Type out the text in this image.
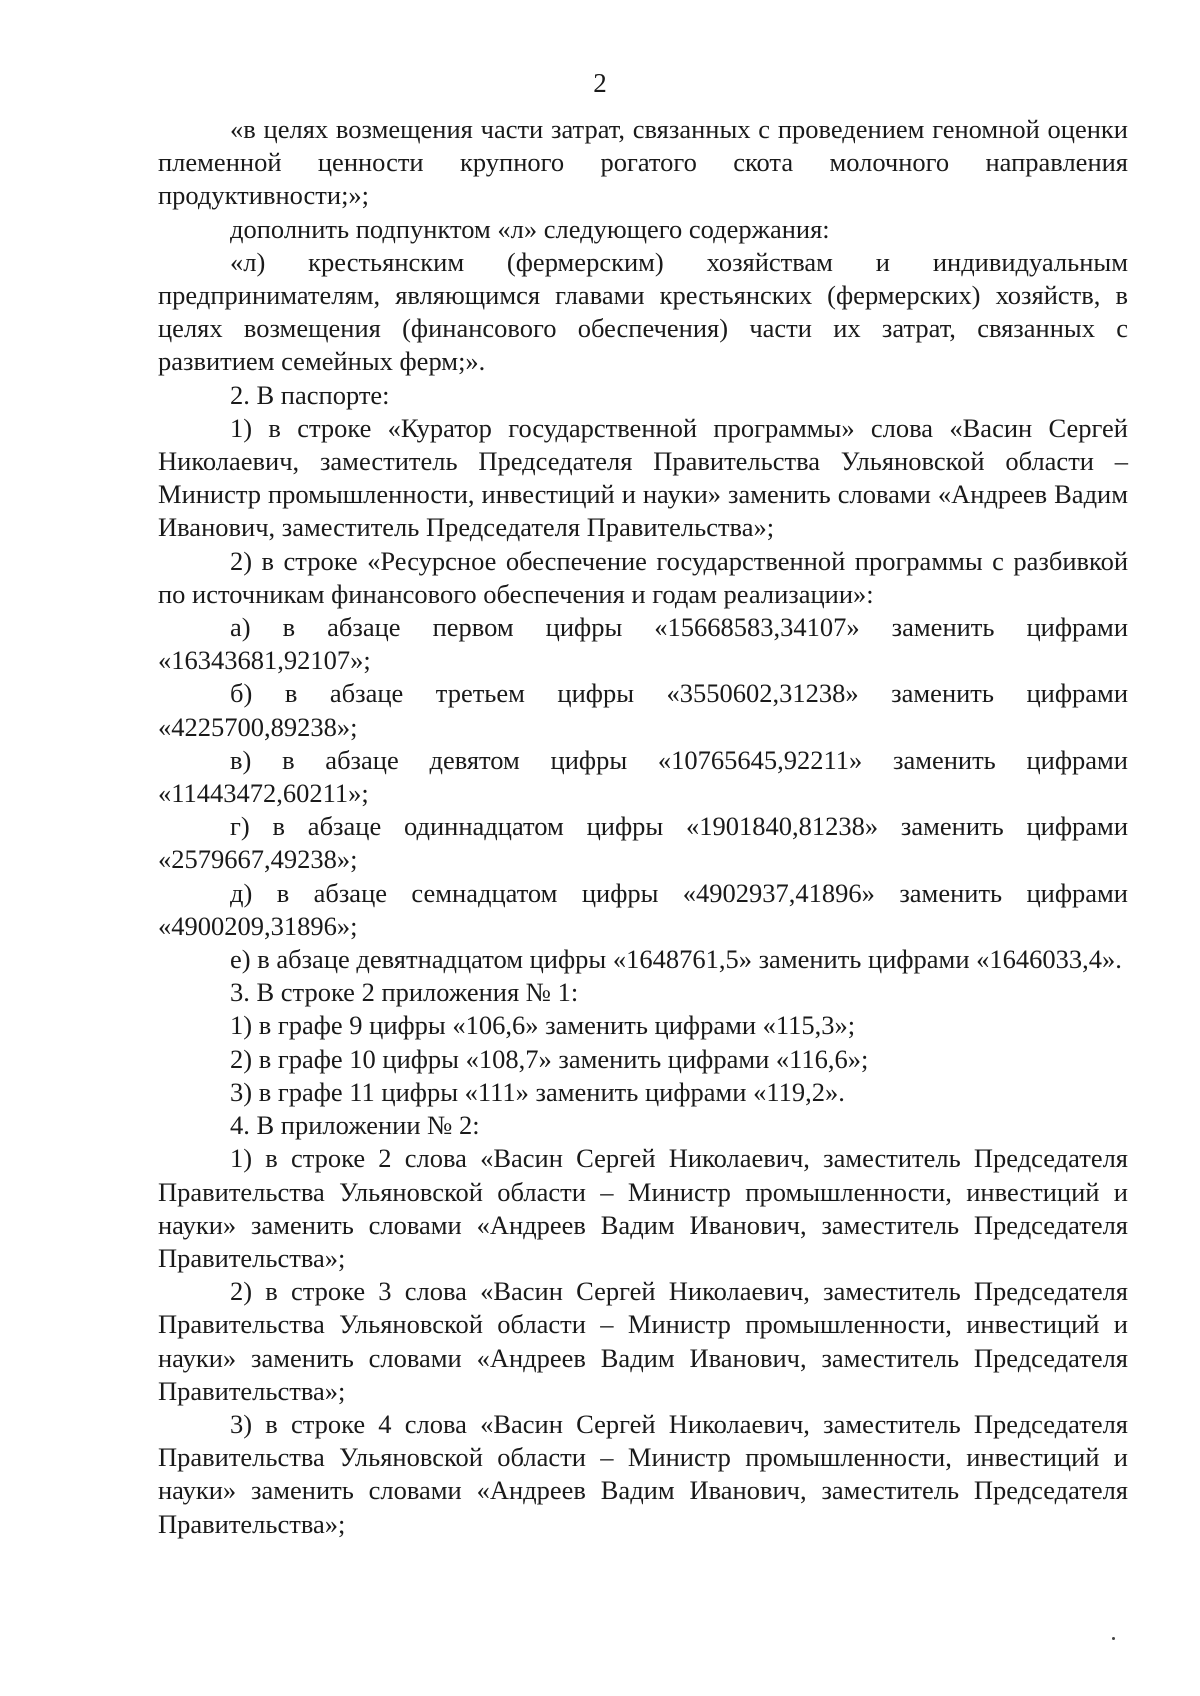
2

«в целях возмещения части затрат, связанных с проведением геномной оценки племенной ценности крупного рогатого скота молочного направления продуктивности;»;

дополнить подпунктом «л» следующего содержания:

«л) крестьянским (фермерским) хозяйствам и индивидуальным предпринимателям, являющимся главами крестьянских (фермерских) хозяйств, в целях возмещения (финансового обеспечения) части их затрат, связанных с развитием семейных ферм;».

2. В паспорте:

1) в строке «Куратор государственной программы» слова «Васин Сергей Николаевич, заместитель Председателя Правительства Ульяновской области – Министр промышленности, инвестиций и науки» заменить словами «Андреев Вадим Иванович, заместитель Председателя Правительства»;

2) в строке «Ресурсное обеспечение государственной программы с разбивкой по источникам финансового обеспечения и годам реализации»:

а) в абзаце первом цифры «15668583,34107» заменить цифрами «16343681,92107»;

б) в абзаце третьем цифры «3550602,31238» заменить цифрами «4225700,89238»;

в) в абзаце девятом цифры «10765645,92211» заменить цифрами «11443472,60211»;

г) в абзаце одиннадцатом цифры «1901840,81238» заменить цифрами «2579667,49238»;

д) в абзаце семнадцатом цифры «4902937,41896» заменить цифрами «4900209,31896»;

е) в абзаце девятнадцатом цифры «1648761,5» заменить цифрами «1646033,4».

3. В строке 2 приложения № 1:

1) в графе 9 цифры «106,6» заменить цифрами «115,3»;

2) в графе 10 цифры «108,7» заменить цифрами «116,6»;

3) в графе 11 цифры «111» заменить цифрами «119,2».

4. В приложении № 2:

1) в строке 2 слова «Васин Сергей Николаевич, заместитель Председателя Правительства Ульяновской области – Министр промышленности, инвестиций и науки» заменить словами «Андреев Вадим Иванович, заместитель Председателя Правительства»;

2) в строке 3 слова «Васин Сергей Николаевич, заместитель Председателя Правительства Ульяновской области – Министр промышленности, инвестиций и науки» заменить словами «Андреев Вадим Иванович, заместитель Председателя Правительства»;

3) в строке 4 слова «Васин Сергей Николаевич, заместитель Председателя Правительства Ульяновской области – Министр промышленности, инвестиций и науки» заменить словами «Андреев Вадим Иванович, заместитель Председателя Правительства»;
